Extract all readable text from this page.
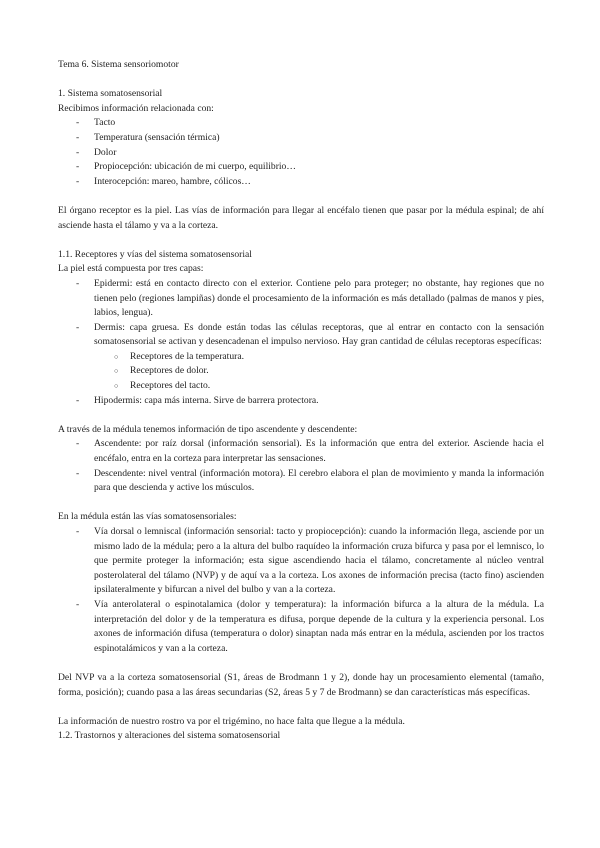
Tema 6. Sistema sensoriomotor

1. Sistema somatosensorial

Recibimos información relacionada con:

- Tacto
- Temperatura (sensación térmica)
- Dolor
- Propiocepción: ubicación de mi cuerpo, equilibrio…
- Interocepción: mareo, hambre, cólicos…

El órgano receptor es la piel. Las vías de información para llegar al encéfalo tienen que pasar por la médula espinal; de ahí asciende hasta el tálamo y va a la corteza.

1.1. Receptores y vías del sistema somatosensorial

La piel está compuesta por tres capas:

- Epidermi: está en contacto directo con el exterior. Contiene pelo para proteger; no obstante, hay regiones que no tienen pelo (regiones lampiñas) donde el procesamiento de la información es más detallado (palmas de manos y pies, labios, lengua).
- Dermis: capa gruesa. Es donde están todas las células receptoras, que al entrar en contacto con la sensación somatosensorial se activan y desencadenan el impulso nervioso. Hay gran cantidad de células receptoras específicas:
○ Receptores de la temperatura.
○ Receptores de dolor.
○ Receptores del tacto.
- Hipodermis: capa más interna. Sirve de barrera protectora.

A través de la médula tenemos información de tipo ascendente y descendente:

- Ascendente: por raíz dorsal (información sensorial). Es la información que entra del exterior. Asciende hacia el encéfalo, entra en la corteza para interpretar las sensaciones.
- Descendente: nivel ventral (información motora). El cerebro elabora el plan de movimiento y manda la información para que descienda y active los músculos.

En la médula están las vías somatosensoriales:

- Vía dorsal o lemniscal (información sensorial: tacto y propiocepción): cuando la información llega, asciende por un mismo lado de la médula; pero a la altura del bulbo raquídeo la información cruza bifurca y pasa por el lemnisco, lo que permite proteger la información; esta sigue ascendiendo hacia el tálamo, concretamente al núcleo ventral posterolateral del tálamo (NVP) y de aquí va a la corteza. Los axones de información precisa (tacto fino) ascienden ipsilateralmente y bifurcan a nivel del bulbo y van a la corteza.
- Vía anterolateral o espinotalamica (dolor y temperatura): la información bifurca a la altura de la médula. La interpretación del dolor y de la temperatura es difusa, porque depende de la cultura y la experiencia personal. Los axones de información difusa (temperatura o dolor) sinaptan nada más entrar en la médula, ascienden por los tractos espinotalámicos y van a la corteza.

Del NVP va a la corteza somatosensorial (S1, áreas de Brodmann 1 y 2), donde hay un procesamiento elemental (tamaño, forma, posición); cuando pasa a las áreas secundarias (S2, áreas 5 y 7 de Brodmann) se dan características más específicas.

La información de nuestro rostro va por el trigémino, no hace falta que llegue a la médula.

1.2. Trastornos y alteraciones del sistema somatosensorial
